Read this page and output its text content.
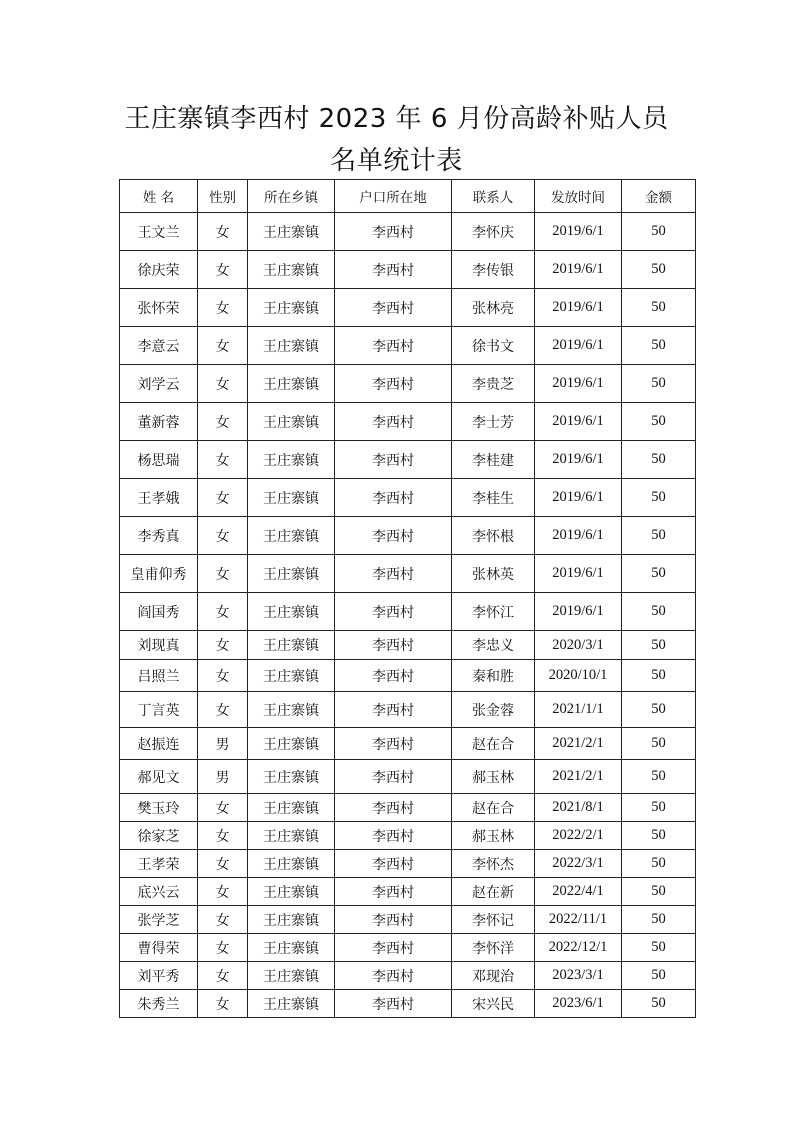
王庄寨镇李西村 2023 年 6 月份高龄补贴人员
名单统计表
姓 名	性别	所在乡镇	户口所在地	联系人	发放时间	金额
王文兰	女	王庄寨镇	李西村	李怀庆	2019/6/1	50
徐庆荣	女	王庄寨镇	李西村	李传银	2019/6/1	50
张怀荣	女	王庄寨镇	李西村	张林亮	2019/6/1	50
李意云	女	王庄寨镇	李西村	徐书文	2019/6/1	50
刘学云	女	王庄寨镇	李西村	李贵芝	2019/6/1	50
董新蓉	女	王庄寨镇	李西村	李士芳	2019/6/1	50
杨思瑞	女	王庄寨镇	李西村	李桂建	2019/6/1	50
王孝娥	女	王庄寨镇	李西村	李桂生	2019/6/1	50
李秀真	女	王庄寨镇	李西村	李怀根	2019/6/1	50
皇甫仰秀	女	王庄寨镇	李西村	张林英	2019/6/1	50
阎国秀	女	王庄寨镇	李西村	李怀江	2019/6/1	50
刘现真	女	王庄寨镇	李西村	李忠义	2020/3/1	50
吕照兰	女	王庄寨镇	李西村	秦和胜	2020/10/1	50
丁言英	女	王庄寨镇	李西村	张金蓉	2021/1/1	50
赵振连	男	王庄寨镇	李西村	赵在合	2021/2/1	50
郝见文	男	王庄寨镇	李西村	郝玉林	2021/2/1	50
樊玉玲	女	王庄寨镇	李西村	赵在合	2021/8/1	50
徐家芝	女	王庄寨镇	李西村	郝玉林	2022/2/1	50
王孝荣	女	王庄寨镇	李西村	李怀杰	2022/3/1	50
底兴云	女	王庄寨镇	李西村	赵在新	2022/4/1	50
张学芝	女	王庄寨镇	李西村	李怀记	2022/11/1	50
曹得荣	女	王庄寨镇	李西村	李怀洋	2022/12/1	50
刘平秀	女	王庄寨镇	李西村	邓现治	2023/3/1	50
朱秀兰	女	王庄寨镇	李西村	宋兴民	2023/6/1	50
